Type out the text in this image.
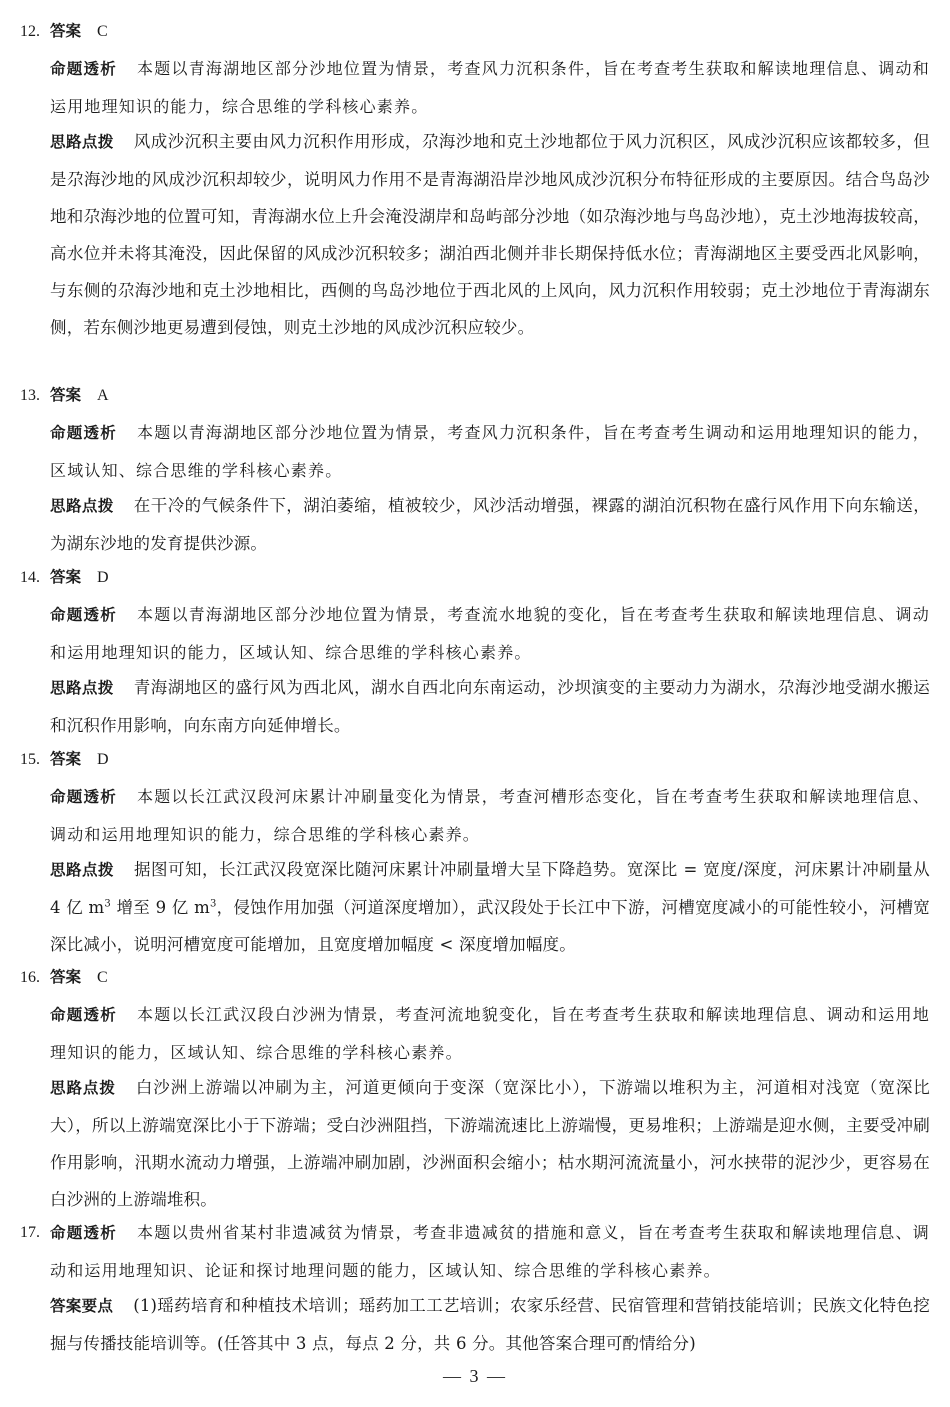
12. 答案 C
命题透析 本题以青海湖地区部分沙地位置为情景，考查风力沉积条件，旨在考查考生获取和解读地理信息、调动和运用地理知识的能力，综合思维的学科核心素养。
思路点拨 风成沙沉积主要由风力沉积作用形成，尕海沙地和克土沙地都位于风力沉积区，风成沙沉积应该都较多，但是尕海沙地的风成沙沉积却较少，说明风力作用不是青海湖沿岸沙地风成沙沉积分布特征形成的主要原因。结合鸟岛沙地和尕海沙地的位置可知，青海湖水位上升会淹没湖岸和岛屿部分沙地（如尕海沙地与鸟岛沙地），克土沙地海拔较高，高水位并未将其淹没，因此保留的风成沙沉积较多；湖泊西北侧并非长期保持低水位；青海湖地区主要受西北风影响，与东侧的尕海沙地和克土沙地相比，西侧的鸟岛沙地位于西北风的上风向，风力沉积作用较弱；克土沙地位于青海湖东侧，若东侧沙地更易遭到侵蚀，则克土沙地的风成沙沉积应较少。
13. 答案 A
命题透析 本题以青海湖地区部分沙地位置为情景，考查风力沉积条件，旨在考查考生调动和运用地理知识的能力，区域认知、综合思维的学科核心素养。
思路点拨 在干冷的气候条件下，湖泊萎缩，植被较少，风沙活动增强，裸露的湖泊沉积物在盛行风作用下向东输送，为湖东沙地的发育提供沙源。
14. 答案 D
命题透析 本题以青海湖地区部分沙地位置为情景，考查流水地貌的变化，旨在考查考生获取和解读地理信息、调动和运用地理知识的能力，区域认知、综合思维的学科核心素养。
思路点拨 青海湖地区的盛行风为西北风，湖水自西北向东南运动，沙坝演变的主要动力为湖水，尕海沙地受湖水搬运和沉积作用影响，向东南方向延伸增长。
15. 答案 D
命题透析 本题以长江武汉段河床累计冲刷量变化为情景，考查河槽形态变化，旨在考查考生获取和解读地理信息、调动和运用地理知识的能力，综合思维的学科核心素养。
思路点拨 据图可知，长江武汉段宽深比随河床累计冲刷量增大呈下降趋势。宽深比 = 宽度/深度，河床累计冲刷量从 4 亿 $m^3$ 增至 9 亿 $m^3$，侵蚀作用加强（河道深度增加），武汉段处于长江中下游，河槽宽度减小的可能性较小，河槽宽深比减小，说明河槽宽度可能增加，且宽度增加幅度 < 深度增加幅度。
16. 答案 C
命题透析 本题以长江武汉段白沙洲为情景，考查河流地貌变化，旨在考查考生获取和解读地理信息、调动和运用地理知识的能力，区域认知、综合思维的学科核心素养。
思路点拨 白沙洲上游端以冲刷为主，河道更倾向于变深（宽深比小），下游端以堆积为主，河道相对浅宽（宽深比大），所以上游端宽深比小于下游端；受白沙洲阻挡，下游端流速比上游端慢，更易堆积；上游端是迎水侧，主要受冲刷作用影响，汛期水流动力增强，上游端冲刷加剧，沙洲面积会缩小；枯水期河流流量小，河水挟带的泥沙少，更容易在白沙洲的上游端堆积。
17. 命题透析 本题以贵州省某村非遗减贫为情景，考查非遗减贫的措施和意义，旨在考查考生获取和解读地理信息、调动和运用地理知识、论证和探讨地理问题的能力，区域认知、综合思维的学科核心素养。
答案要点 (1)瑶药培育和种植技术培训；瑶药加工工艺培训；农家乐经营、民宿管理和营销技能培训；民族文化特色挖掘与传播技能培训等。(任答其中 3 点，每点 2 分，共 6 分。其他答案合理可酌情给分)
— 3 —
